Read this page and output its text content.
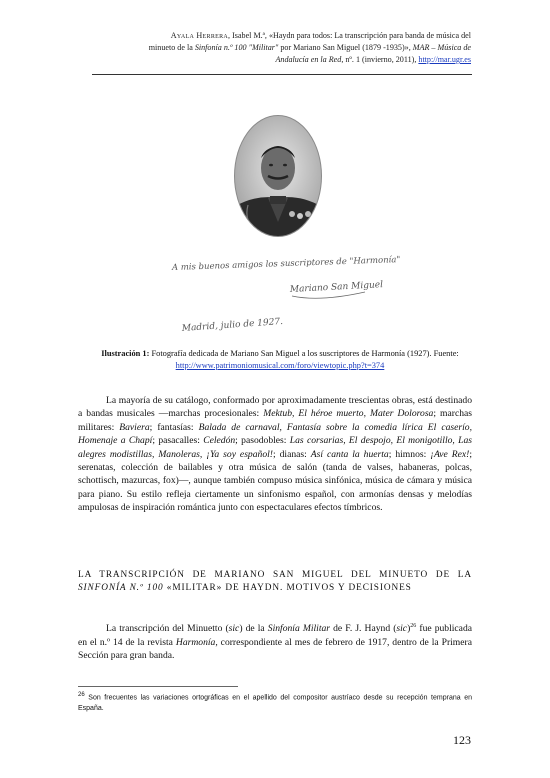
Ayala Herrera, Isabel M.ª, «Haydn para todos: La transcripción para banda de música del
minueto de la Sinfonía n.º 100 "Militar" por Mariano San Miguel (1879 -1935)», MAR – Música de
Andalucía en la Red, nº. 1 (invierno, 2011), http://mar.ugr.es
A mis buenos amigos los suscriptores de "Harmonía"
Mariano San Miguel
Madrid, julio de 1927.
Ilustración 1: Fotografía dedicada de Mariano San Miguel a los suscriptores de Harmonía (1927). Fuente:
http://www.patrimoniomusical.com/foro/viewtopic.php?t=374
La mayoría de su catálogo, conformado por aproximadamente trescientas obras, está destinado a bandas musicales —marchas procesionales: Mektub, El héroe muerto, Mater Dolorosa; marchas militares: Baviera; fantasías: Balada de carnaval, Fantasía sobre la comedia lírica El caserío, Homenaje a Chapí; pasacalles: Celedón; pasodobles: Las corsarias, El despojo, El monigotillo, Las alegres modistillas, Manoleras, ¡Ya soy español!; dianas: Así canta la huerta; himnos: ¡Ave Rex!; serenatas, colección de bailables y otra música de salón (tanda de valses, habaneras, polcas, schottisch, mazurcas, fox)—, aunque también compuso música sinfónica, música de cámara y música para piano. Su estilo refleja ciertamente un sinfonismo español, con armonías densas y melodías ampulosas de inspiración romántica junto con espectaculares efectos tímbricos.
LA TRANSCRIPCIÓN DE MARIANO SAN MIGUEL DEL MINUETO DE LA SINFONÍA N.º 100 «MILITAR» DE HAYDN. MOTIVOS Y DECISIONES
La transcripción del Minuetto (sic) de la Sinfonía Militar de F. J. Haynd (sic)$^{26}$ fue publicada en el n.º 14 de la revista Harmonía, correspondiente al mes de febrero de 1917, dentro de la Primera Sección para gran banda.
$^{26}$ Son frecuentes las variaciones ortográficas en el apellido del compositor austríaco desde su recepción temprana en España.
123
